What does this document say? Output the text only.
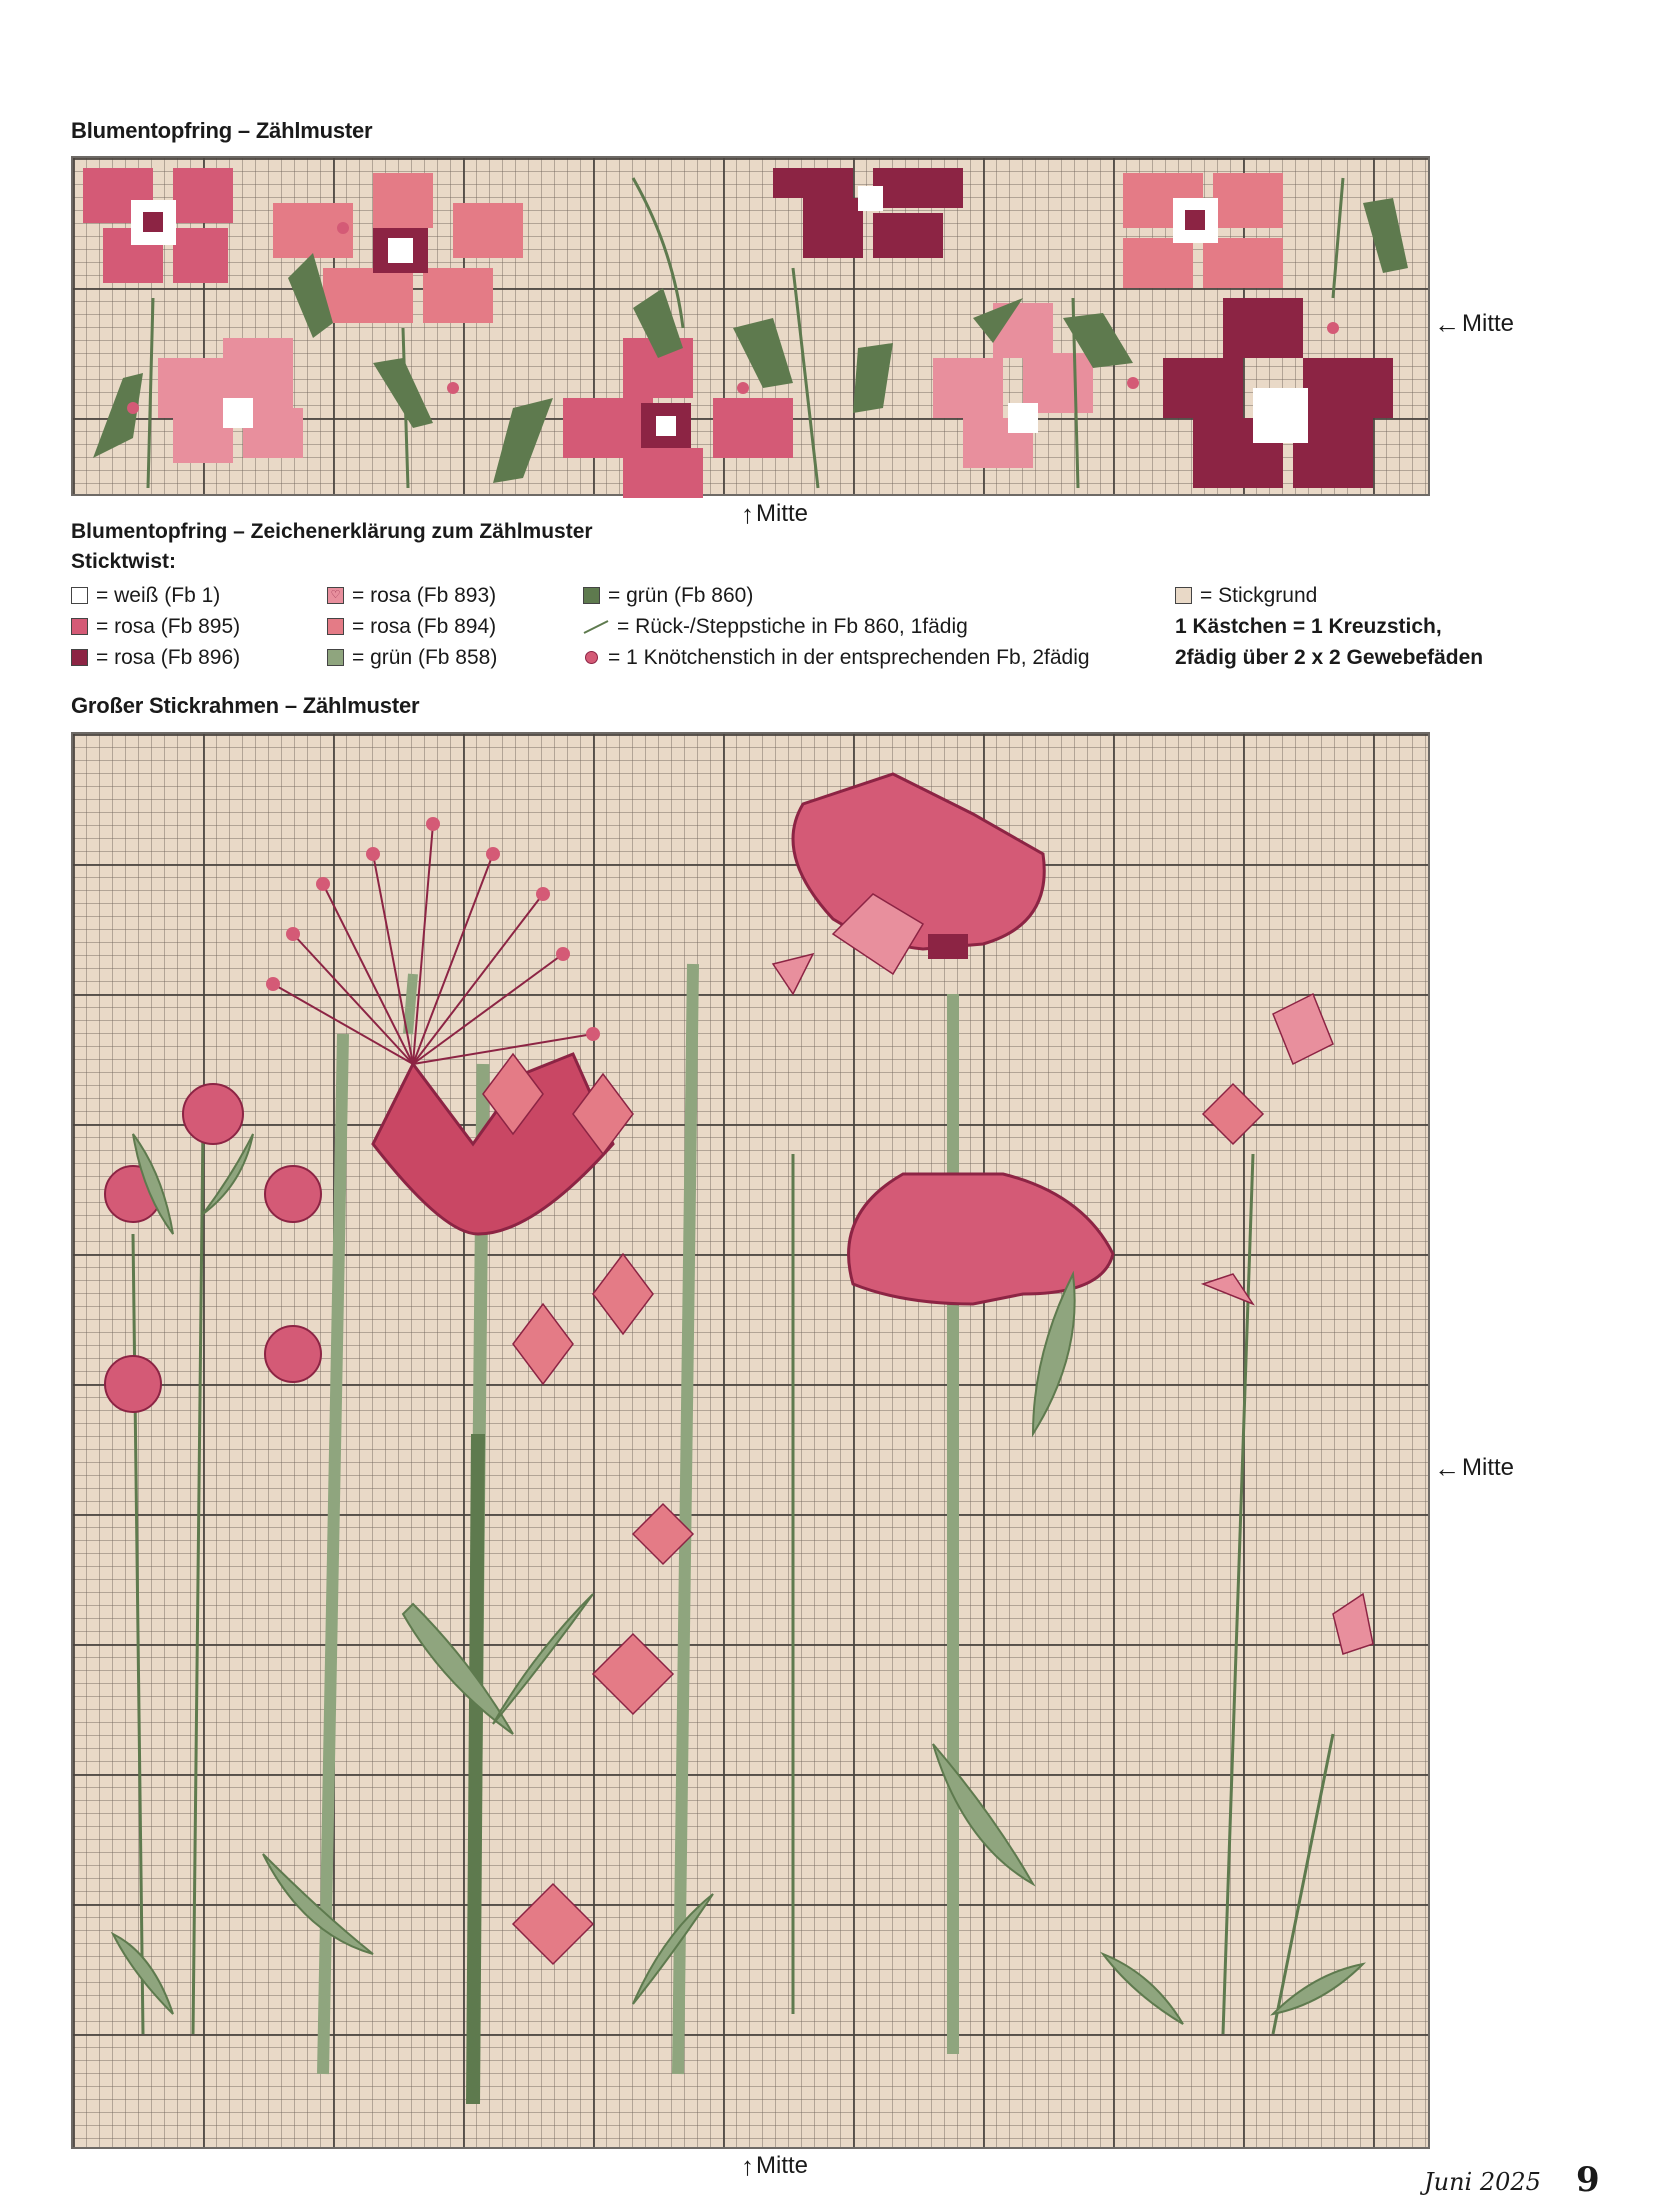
Blumentopfring – Zählmuster
← Mitte
↑ Mitte
Blumentopfring – Zeichenerklärung zum Zählmuster
Sticktwist:
= weiß (Fb 1)
= rosa (Fb 895)
= rosa (Fb 896)
♡ = rosa (Fb 893)
= rosa (Fb 894)
= grün (Fb 858)
= grün (Fb 860)
= Rück-/Steppstiche in Fb 860, 1fädig
= 1 Knötchenstich in der entsprechenden Fb, 2fädig
= Stickgrund
1 Kästchen = 1 Kreuzstich,
2fädig über 2 x 2 Gewebefäden
Großer Stickrahmen – Zählmuster
← Mitte
↑ Mitte
Juni 2025 9
